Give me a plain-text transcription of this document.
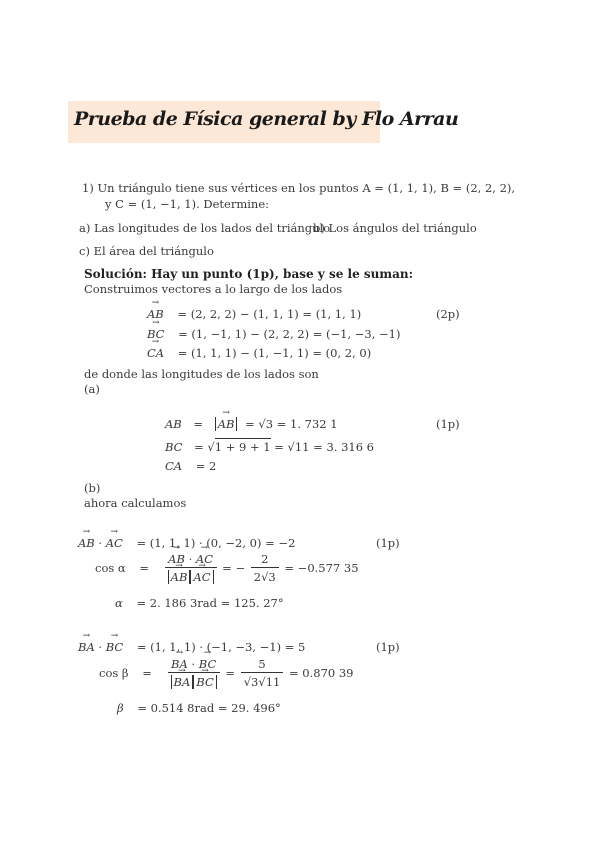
Prueba de Física general by Flo Arrau
1) Un triángulo tiene sus vértices en los puntos A = (1, 1, 1), B = (2, 2, 2),
y C = (1, −1, 1). Determine:
a) Las longitudes de los lados del triángulo
b) Los ángulos del triángulo
c) El área del triángulo
Solución: Hay un punto (1p), base y se le suman:
Construimos vectores a lo largo de los lados
→ AB = (2, 2, 2) − (1, 1, 1) = (1, 1, 1)	(2p)
→ BC = (1, −1, 1) − (2, 2, 2) = (−1, −3, −1)
→ CA = (1, 1, 1) − (1, −1, 1) = (0, 2, 0)
de donde las longitudes de los lados son
(a)
AB = → AB = √3 = 1. 732 1	(1p)
BC = √1 + 9 + 1 = √11 = 3. 316 6
CA = 2
(b)
ahora calculamos
→ AB · → AC = (1, 1, 1) · (0, −2, 0) = −2	(1p)
cos α = → AB · → AC
→ AB → AC = − $\frac{2}{2√3} = -0.577$ 35
α = 2. 186 3rad = 125. 27°
→ BA · → BC = (1, 1, 1) · (−1, −3, −1) = 5	(1p)
cos β = → BA · → BC
→ BA → BC = $\frac{5}{√3√11} = 0.870$ 39
β = 0.514 8rad = 29. 496°
